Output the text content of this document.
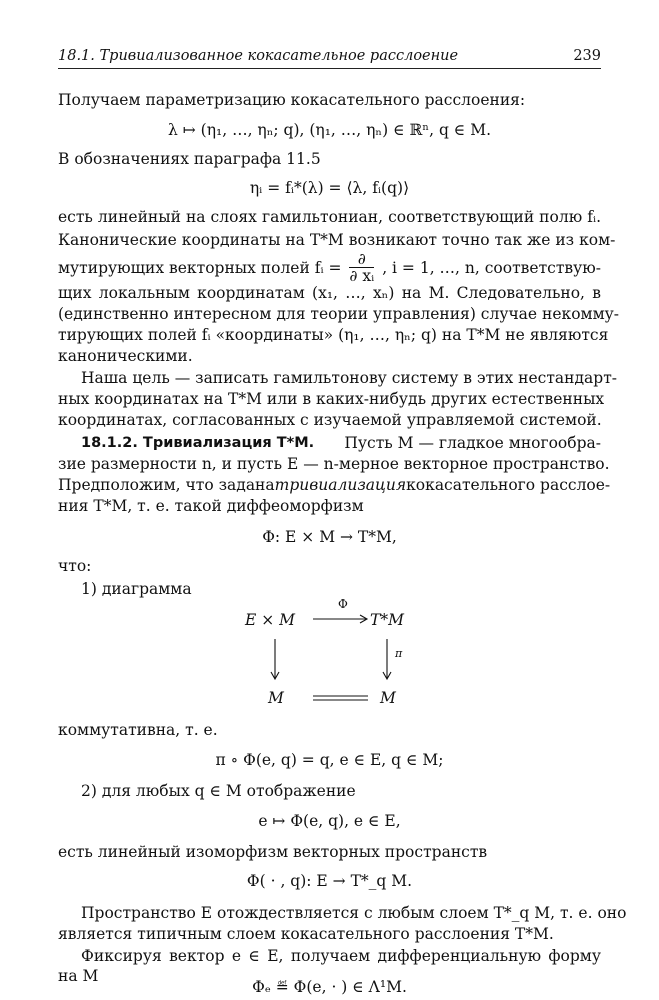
18.1. Тривиализованное кокасательное расслоение	239
Получаем параметризацию кокасательного расслоения:
λ ↦ (η₁, …, ηₙ; q), (η₁, …, ηₙ) ∈ ℝⁿ, q ∈ M.
В обозначениях параграфа 11.5
ηᵢ = fᵢ*(λ) = ⟨λ, fᵢ(q)⟩
есть линейный на слоях гамильтониан, соответствующий полю fᵢ.
Канонические координаты на T*M возникают точно так же из ком-
мутирующих векторных полей fᵢ = $\frac{\partial}{\text{∂ xᵢ}}$ , i = 1, …, n, соответствую-
щих локальным координатам (x₁, …, xₙ) на M. Следовательно, в
(единственно интересном для теории управления) случае некомму-
тирующих полей fᵢ «координаты» (η₁, …, ηₙ; q) на T*M не являются
каноническими.
Наша цель — записать гамильтонову систему в этих нестандарт-
ных координатах на T*M или в каких-нибудь других естественных
координатах, согласованных с изучаемой управляемой системой.
18.1.2. Тривиализация T*M. Пусть M — гладкое многообра-
зие размерности n, и пусть E — n-мерное векторное пространство.
Предположим, что задана тривиализация кокасательного расслое-
ния T*M, т. е. такой диффеоморфизм
Φ: E × M → T*M,
что:
1) диаграмма
E × M
Φ
T*M
π
M	M
коммутативна, т. е.
π ∘ Φ(e, q) = q, e ∈ E, q ∈ M;
2) для любых q ∈ M отображение
e ↦ Φ(e, q), e ∈ E,
есть линейный изоморфизм векторных пространств
Φ( · , q): E → T*_q M.
Пространство E отождествляется с любым слоем T*_q M, т. е. оно
является типичным слоем кокасательного расслоения T*M.
Фиксируя вектор e ∈ E, получаем дифференциальную форму
на M
Φₑ ≝ Φ(e, · ) ∈ Λ¹M.
